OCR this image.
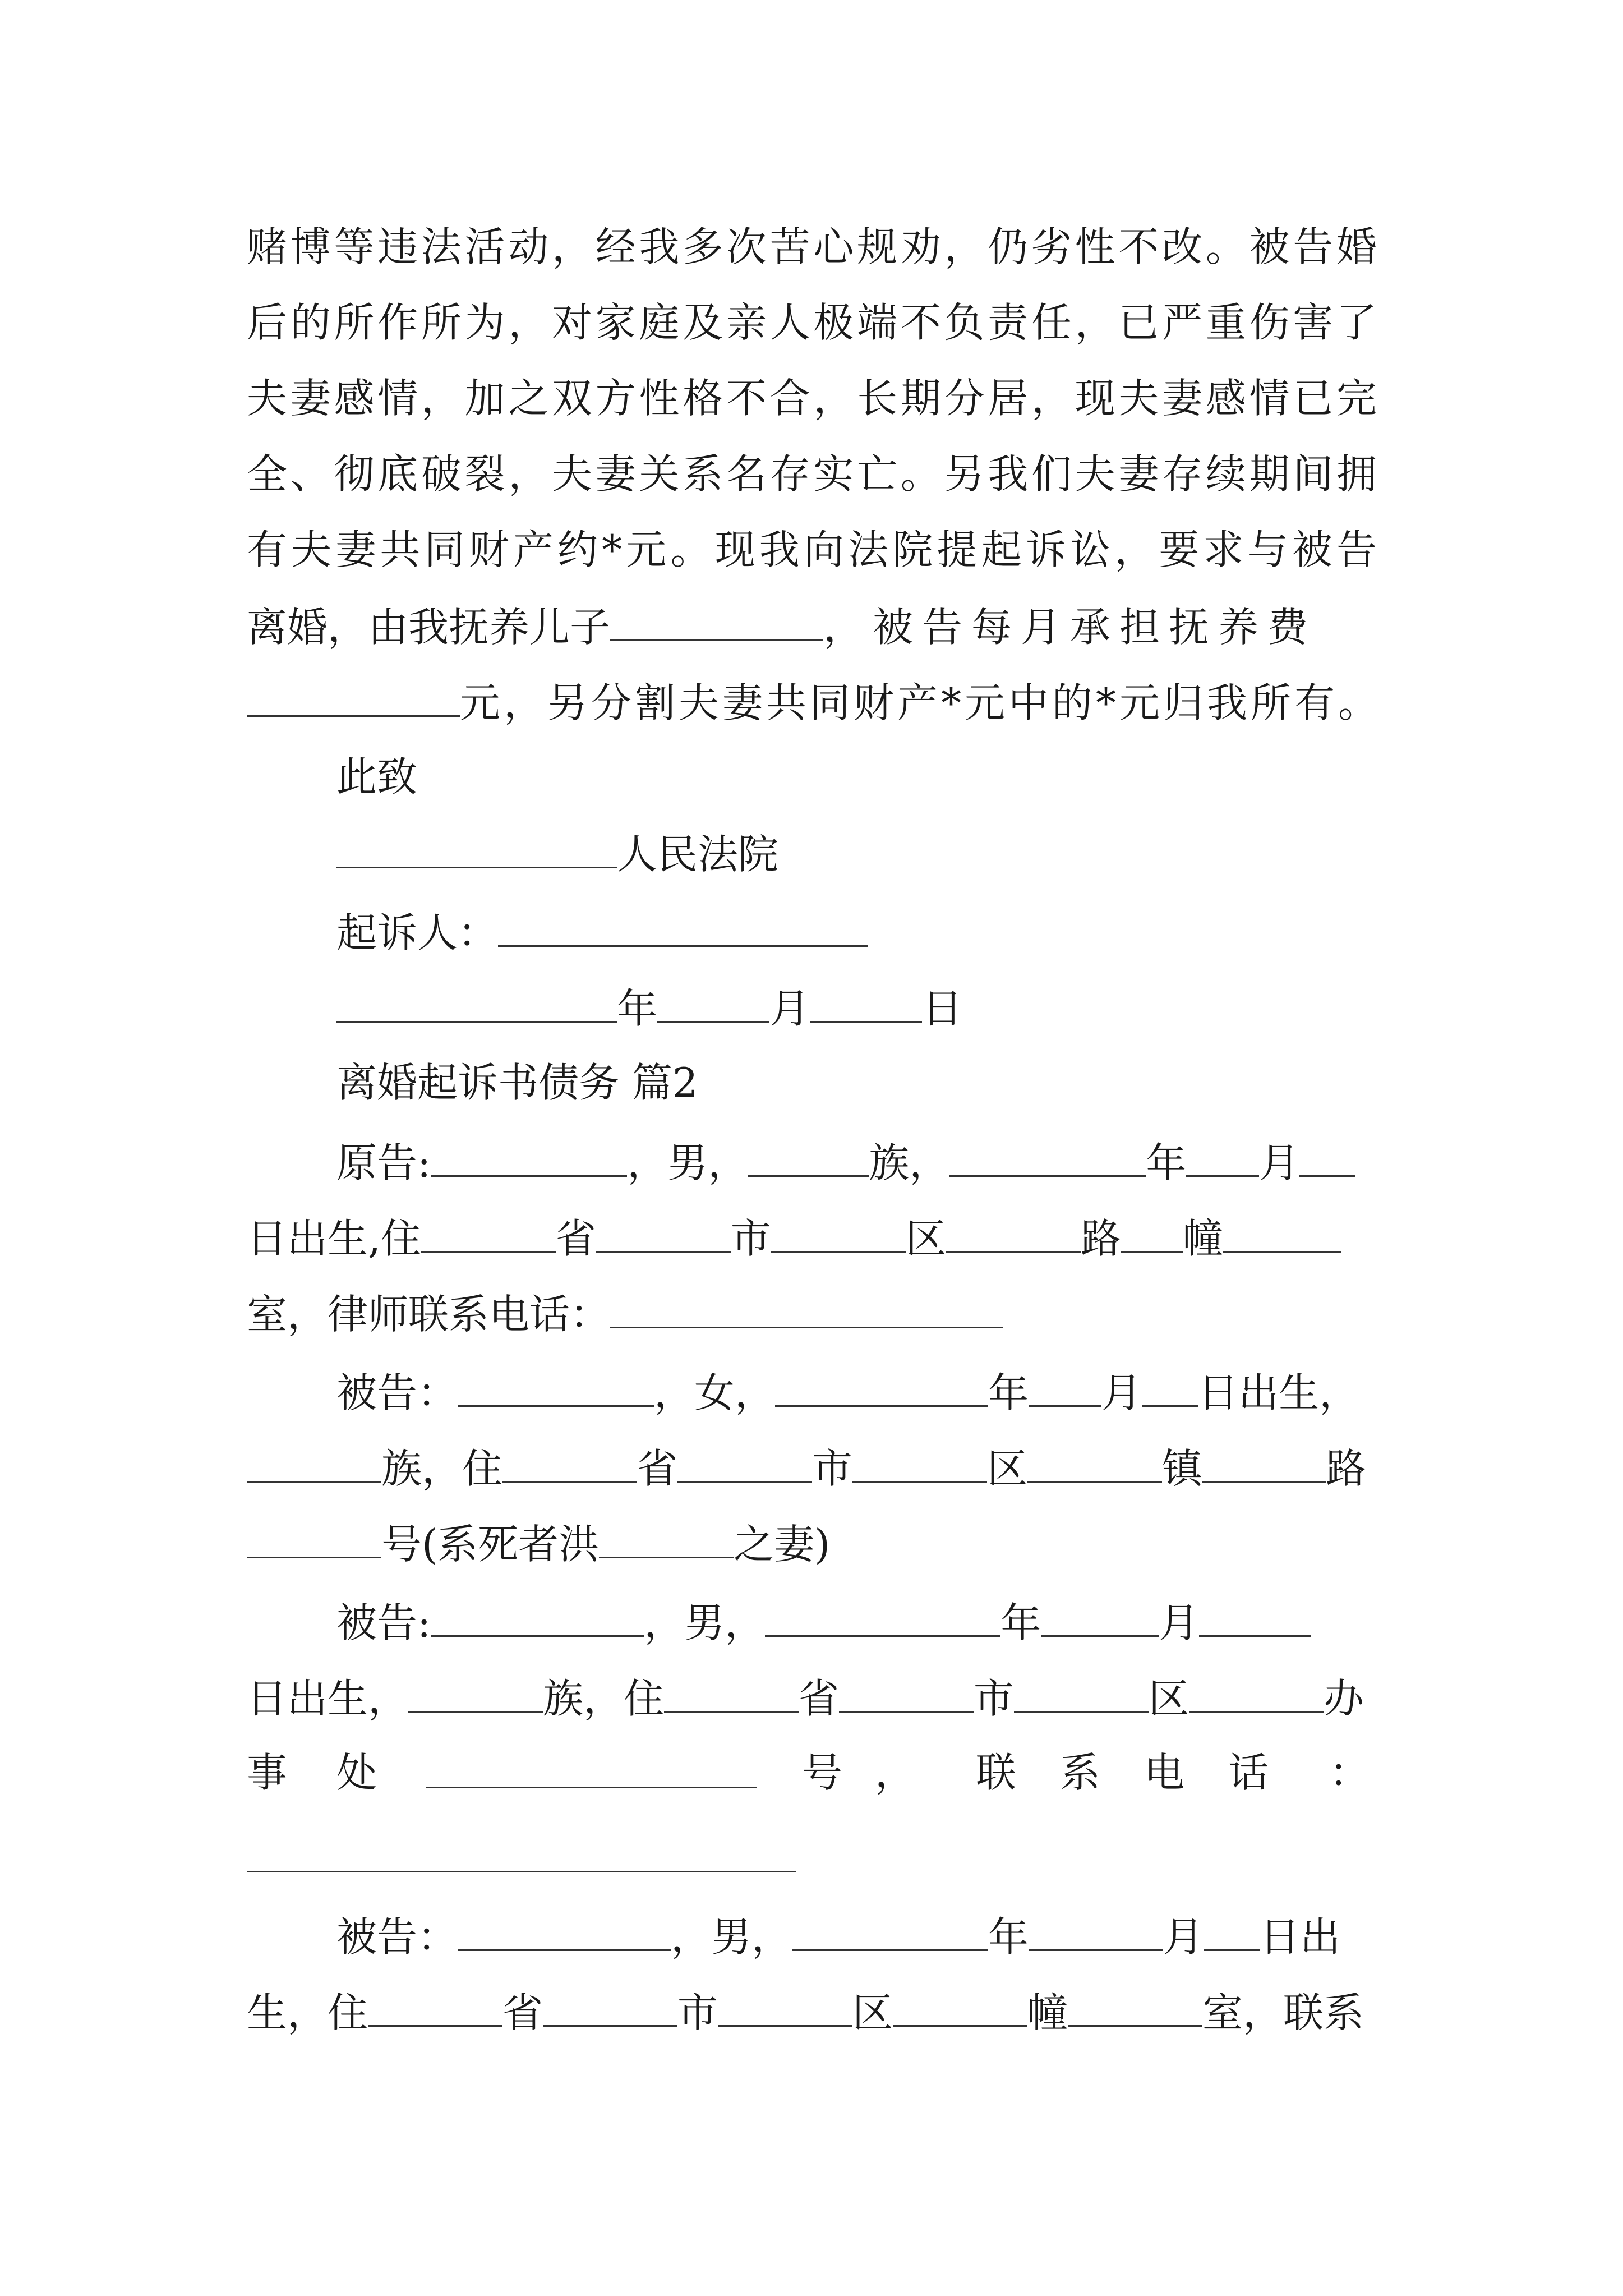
赌博等违法活动，经我多次苦心规劝，仍劣性不改。被告婚
后的所作所为，对家庭及亲人极端不负责任，已严重伤害了
夫妻感情，加之双方性格不合，长期分居，现夫妻感情已完
全、彻底破裂，夫妻关系名存实亡。另我们夫妻存续期间拥
有夫妻共同财产约*元。现我向法院提起诉讼，要求与被告
离婚，由我抚养儿子	，被告每月承担抚养费
元，另分割夫妻共同财产*元中的*元归我所有。
此致
人民法院
起诉人：
年	月	日
离婚起诉书债务 篇2
原告:	，男，	族，	年 月
日出生,住	省	市	区	路 幢
室，律师联系电话：
被告：	，女，	年 月 日出生，
族，住	省	市	区	镇	路
号(系死者洪	之妻)
被告:	，男，	年	月
日出生，	族，住	省	市	区	办
事 处	号 ， 联 系 电 话 ：
被告：	，男，	年	月 日出
生，住	省	市	区	幢	室，联系
